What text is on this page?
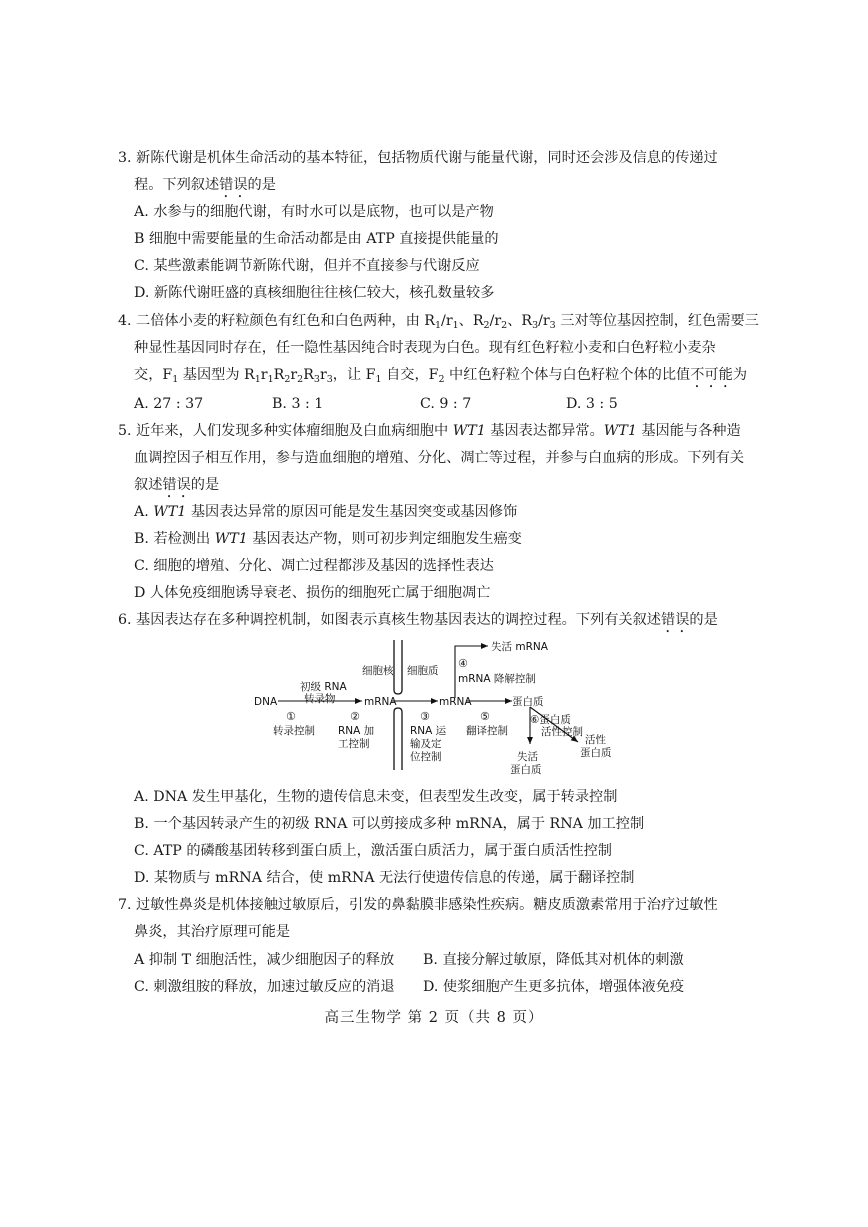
3. 新陈代谢是机体生命活动的基本特征，包括物质代谢与能量代谢，同时还会涉及信息的传递过
程。下列叙述错误的是
A. 水参与的细胞代谢，有时水可以是底物，也可以是产物
B 细胞中需要能量的生命活动都是由 ATP 直接提供能量的
C. 某些激素能调节新陈代谢，但并不直接参与代谢反应
D. 新陈代谢旺盛的真核细胞往往核仁较大，核孔数量较多
4. 二倍体小麦的籽粒颜色有红色和白色两种，由 $R_1/r_1$、$R_2/r_2$、$R_3/r_3$ 三对等位基因控制，红色需要三
种显性基因同时存在，任一隐性基因纯合时表现为白色。现有红色籽粒小麦和白色籽粒小麦杂
交，$F_1$ 基因型为 $R_1r_1R_2r_2R_3r_3$，让 $F_1$ 自交，$F_2$ 中红色籽粒个体与白色籽粒个体的比值不可能为
A. 27 : 37	B. 3 : 1	C. 9 : 7	D. 3 : 5
5. 近年来，人们发现多种实体瘤细胞及白血病细胞中 WT1 基因表达都异常。WT1 基因能与各种造
血调控因子相互作用，参与造血细胞的增殖、分化、凋亡等过程，并参与白血病的形成。下列有关
叙述错误的是
A. WT1 基因表达异常的原因可能是发生基因突变或基因修饰
B. 若检测出 WT1 基因表达产物，则可初步判定细胞发生癌变
C. 细胞的增殖、分化、凋亡过程都涉及基因的选择性表达
D 人体免疫细胞诱导衰老、损伤的细胞死亡属于细胞凋亡
6. 基因表达存在多种调控机制，如图表示真核生物基因表达的调控过程。下列有关叙述错误的是
细胞核 细胞质
DNA
初级 RNA
转录物	mRNA	mRNA	蛋白质
失活 mRNA
①
转录控制
②
RNA 加
工控制
③
RNA 运
输及定
位控制
④
mRNA 降解控制
⑤
翻译控制
⑥蛋白质
活性控制
活性
蛋白质
失活
蛋白质
A. DNA 发生甲基化，生物的遗传信息未变，但表型发生改变，属于转录控制
B. 一个基因转录产生的初级 RNA 可以剪接成多种 mRNA，属于 RNA 加工控制
C. ATP 的磷酸基团转移到蛋白质上，激活蛋白质活力，属于蛋白质活性控制
D. 某物质与 mRNA 结合，使 mRNA 无法行使遗传信息的传递，属于翻译控制
7. 过敏性鼻炎是机体接触过敏原后，引发的鼻黏膜非感染性疾病。糖皮质激素常用于治疗过敏性
鼻炎，其治疗原理可能是
A 抑制 T 细胞活性，减少细胞因子的释放 B. 直接分解过敏原，降低其对机体的刺激
C. 刺激组胺的释放，加速过敏反应的消退 D. 使浆细胞产生更多抗体，增强体液免疫
高三生物学 第 2 页（共 8 页）
